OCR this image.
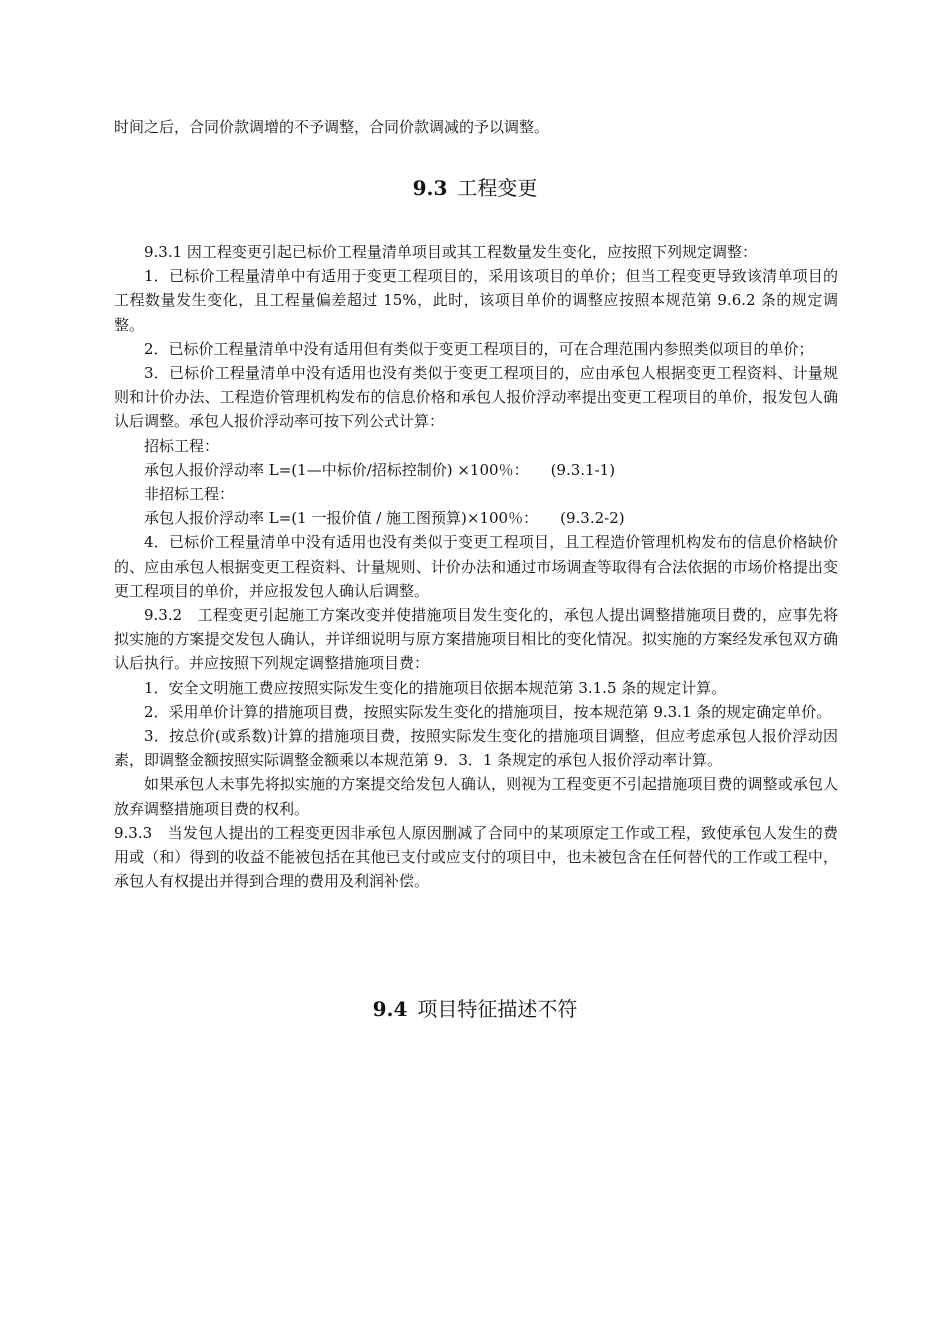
时间之后，合同价款调增的不予调整，合同价款调减的予以调整。

9.3 工程变更

9.3.1 因工程变更引起已标价工程量清单项目或其工程数量发生变化，应按照下列规定调整：

1．已标价工程量清单中有适用于变更工程项目的，采用该项目的单价；但当工程变更导致该清单项目的工程数量发生变化，且工程量偏差超过 15%，此时，该项目单价的调整应按照本规范第 9.6.2 条的规定调整。

2．已标价工程量清单中没有适用但有类似于变更工程项目的，可在合理范围内参照类似项目的单价；

3．已标价工程量清单中没有适用也没有类似于变更工程项目的，应由承包人根据变更工程资料、计量规则和计价办法、工程造价管理机构发布的信息价格和承包人报价浮动率提出变更工程项目的单价，报发包人确认后调整。承包人报价浮动率可按下列公式计算：

招标工程：

承包人报价浮动率 L=(1—中标价/招标控制价) ×100％： (9.3.1-1)

非招标工程：

承包人报价浮动率 L=(1 一报价值 / 施工图预算)×100％： (9.3.2-2)

4．已标价工程量清单中没有适用也没有类似于变更工程项目，且工程造价管理机构发布的信息价格缺价的、应由承包人根据变更工程资料、计量规则、计价办法和通过市场调查等取得有合法依据的市场价格提出变更工程项目的单价，并应报发包人确认后调整。

9.3.2　工程变更引起施工方案改变并使措施项目发生变化的，承包人提出调整措施项目费的，应事先将拟实施的方案提交发包人确认，并详细说明与原方案措施项目相比的变化情况。拟实施的方案经发承包双方确认后执行。并应按照下列规定调整措施项目费：

1．安全文明施工费应按照实际发生变化的措施项目依据本规范第 3.1.5 条的规定计算。

2．采用单价计算的措施项目费，按照实际发生变化的措施项目，按本规范第 9.3.1 条的规定确定单价。

3．按总价(或系数)计算的措施项目费，按照实际发生变化的措施项目调整，但应考虑承包人报价浮动因素，即调整金额按照实际调整金额乘以本规范第 9．3．1 条规定的承包人报价浮动率计算。

如果承包人未事先将拟实施的方案提交给发包人确认，则视为工程变更不引起措施项目费的调整或承包人放弃调整措施项目费的权利。

9.3.3　当发包人提出的工程变更因非承包人原因删减了合同中的某项原定工作或工程，致使承包人发生的费用或（和）得到的收益不能被包括在其他已支付或应支付的项目中，也未被包含在任何替代的工作或工程中，承包人有权提出并得到合理的费用及利润补偿。

9.4 项目特征描述不符
